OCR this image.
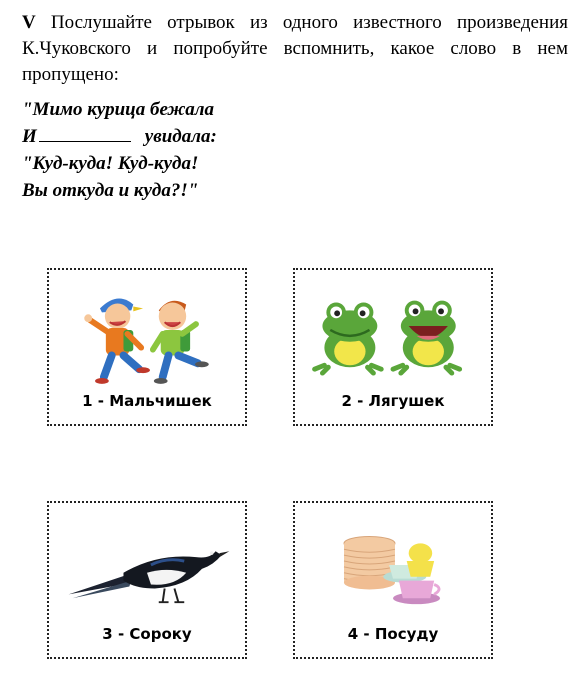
V Послушайте отрывок из одного известного произведения К.Чуковского и попробуйте вспомнить, какое слово в нем пропущено:
"Мимо курица бежала
И	увидала:
"Куд-куда! Куд-куда!
Вы откуда и куда?!"
1 - Мальчишек	2 - Лягушек
3 - Сороку	4 - Посуду
